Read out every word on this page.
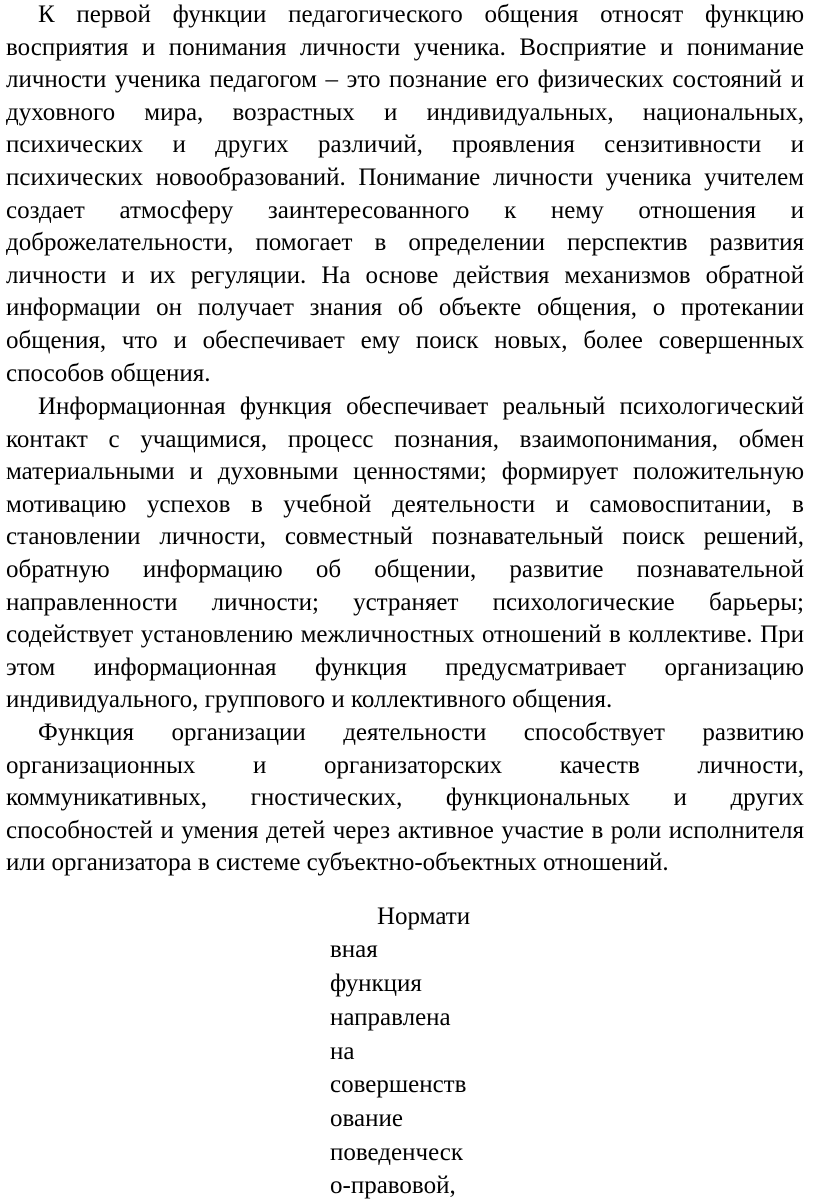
К первой функции педагогического общения относят функцию восприятия и понимания личности ученика. Восприятие и понимание личности ученика педагогом – это познание его физических состояний и духовного мира, возрастных и индивидуальных, национальных, психических и других различий, проявления сензитивности и психических новообразований. Понимание личности ученика учителем создает атмосферу заинтересованного к нему отношения и доброжелательности, помогает в определении перспектив развития личности и их регуляции. На основе действия механизмов обратной информации он получает знания об объекте общения, о протекании общения, что и обеспечивает ему поиск новых, более совершенных способов общения.

Информационная функция обеспечивает реальный психологический контакт с учащимися, процесс познания, взаимопонимания, обмен материальными и духовными ценностями; формирует положительную мотивацию успехов в учебной деятельности и самовоспитании, в становлении личности, совместный познавательный поиск решений, обратную информацию об общении, развитие познавательной направленности личности; устраняет психологические барьеры; содействует установлению межличностных отношений в коллективе. При этом информационная функция предусматривает организацию индивидуального, группового и коллективного общения.

Функция организации деятельности способствует развитию организационных и организаторских качеств личности, коммуникативных, гностических, функциональных и других способностей и умения детей через активное участие в роли исполнителя или организатора в системе субъектно-объектных отношений.

Нормати
вная
функция
направлена
на
совершенств
ование
поведенческ
о-правовой,
